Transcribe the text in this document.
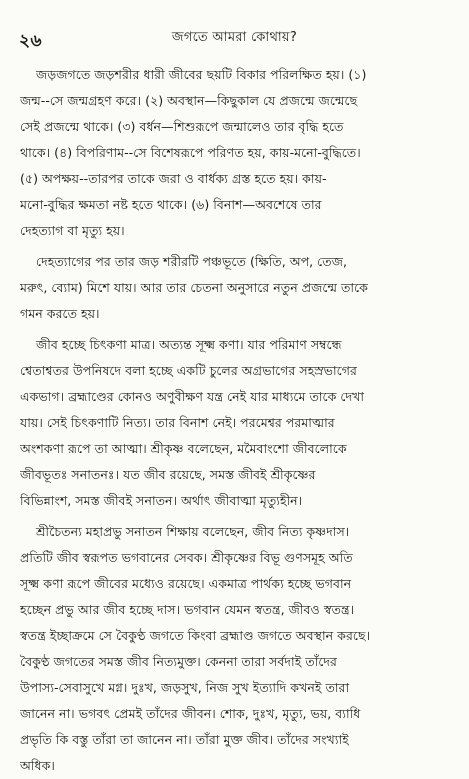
২৬	জগতে আমরা কোথায়?
জড়জগতে জড়শরীর ধারী জীবের ছয়টি বিকার পরিলক্ষিত হয়। (১)
জন্ম--সে জন্মগ্রহণ করে। (২) অবস্থান—কিছুকাল যে প্রজন্মে জন্মেছে
সেই প্রজন্মে থাকে। (৩) বর্ধন—শিশুরূপে জন্মালেও তার বৃদ্ধি হতে
থাকে। (৪) বিপরিণাম--সে বিশেষরূপে পরিণত হয়, কায়-মনো-বুদ্ধিতে।
(৫) অপক্ষয়--তারপর তাকে জরা ও বার্ধক্য গ্রস্ত হতে হয়। কায়-
মনো-বুদ্ধির ক্ষমতা নষ্ট হতে থাকে। (৬) বিনাশ—অবশেষে তার
দেহত্যাগ বা মৃত্যু হয়।
দেহত্যাগের পর তার জড় শরীরটি পঞ্চভূতে (ক্ষিতি, অপ, তেজ,
মরুৎ, ব্যোম) মিশে যায়। আর তার চেতনা অনুসারে নতুন প্রজন্মে তাকে
গমন করতে হয়।
জীব হচ্ছে চিৎকণা মাত্র। অত্যন্ত সূক্ষ্ম কণা। যার পরিমাণ সম্বন্ধে
শ্বেতাশ্বতর উপনিষদে বলা হচ্ছে একটি চুলের অগ্রভাগের সহস্রভাগের
একভাগ। ব্রহ্মাণ্ডের কোনও অণুবীক্ষণ যন্ত্র নেই যার মাধ্যমে তাকে দেখা
যায়। সেই চিৎকণাটি নিত্য। তার বিনাশ নেই। পরমেশ্বর পরমাত্মার
অংশকণা রূপে তা আত্মা। শ্রীকৃষ্ণ বলেছেন, মমৈবাংশো জীবলোকে
জীবভূতঃ সনাতনঃ। যত জীব রয়েছে, সমস্ত জীবই শ্রীকৃষ্ণের
বিভিন্নাংশ, সমস্ত জীবই সনাতন। অর্থাৎ জীবাত্মা মৃত্যুহীন।
শ্রীচৈতন্য মহাপ্রভু সনাতন শিক্ষায় বলেছেন, জীব নিত্য কৃষ্ণদাস।
প্রতিটি জীব স্বরূপত ভগবানের সেবক। শ্রীকৃষ্ণের বিভূ গুণসমূহ অতি
সূক্ষ্ম কণা রূপে জীবের মধ্যেও রয়েছে। একমাত্র পার্থক্য হচ্ছে ভগবান
হচ্ছেন প্রভু আর জীব হচ্ছে দাস। ভগবান যেমন স্বতন্ত্র, জীবও স্বতন্ত্র।
স্বতন্ত্র ইচ্ছাক্রমে সে বৈকুণ্ঠ জগতে কিংবা ব্রহ্মাণ্ড জগতে অবস্থান করছে।
বৈকুণ্ঠ জগতের সমস্ত জীব নিত্যমুক্ত। কেননা তারা সর্বদাই তাঁদের
উপাস্য-সেবাসুখে মগ্ন। দুঃখ, জড়সুখ, নিজ সুখ ইত্যাদি কখনই তারা
জানেন না। ভগবৎ প্রেমই তাঁদের জীবন। শোক, দুঃখ, মৃত্যু, ভয়, ব্যাধি
প্রভৃতি কি বস্তু তাঁরা তা জানেন না। তাঁরা মুক্ত জীব। তাঁদের সংখ্যাই
অধিক।
